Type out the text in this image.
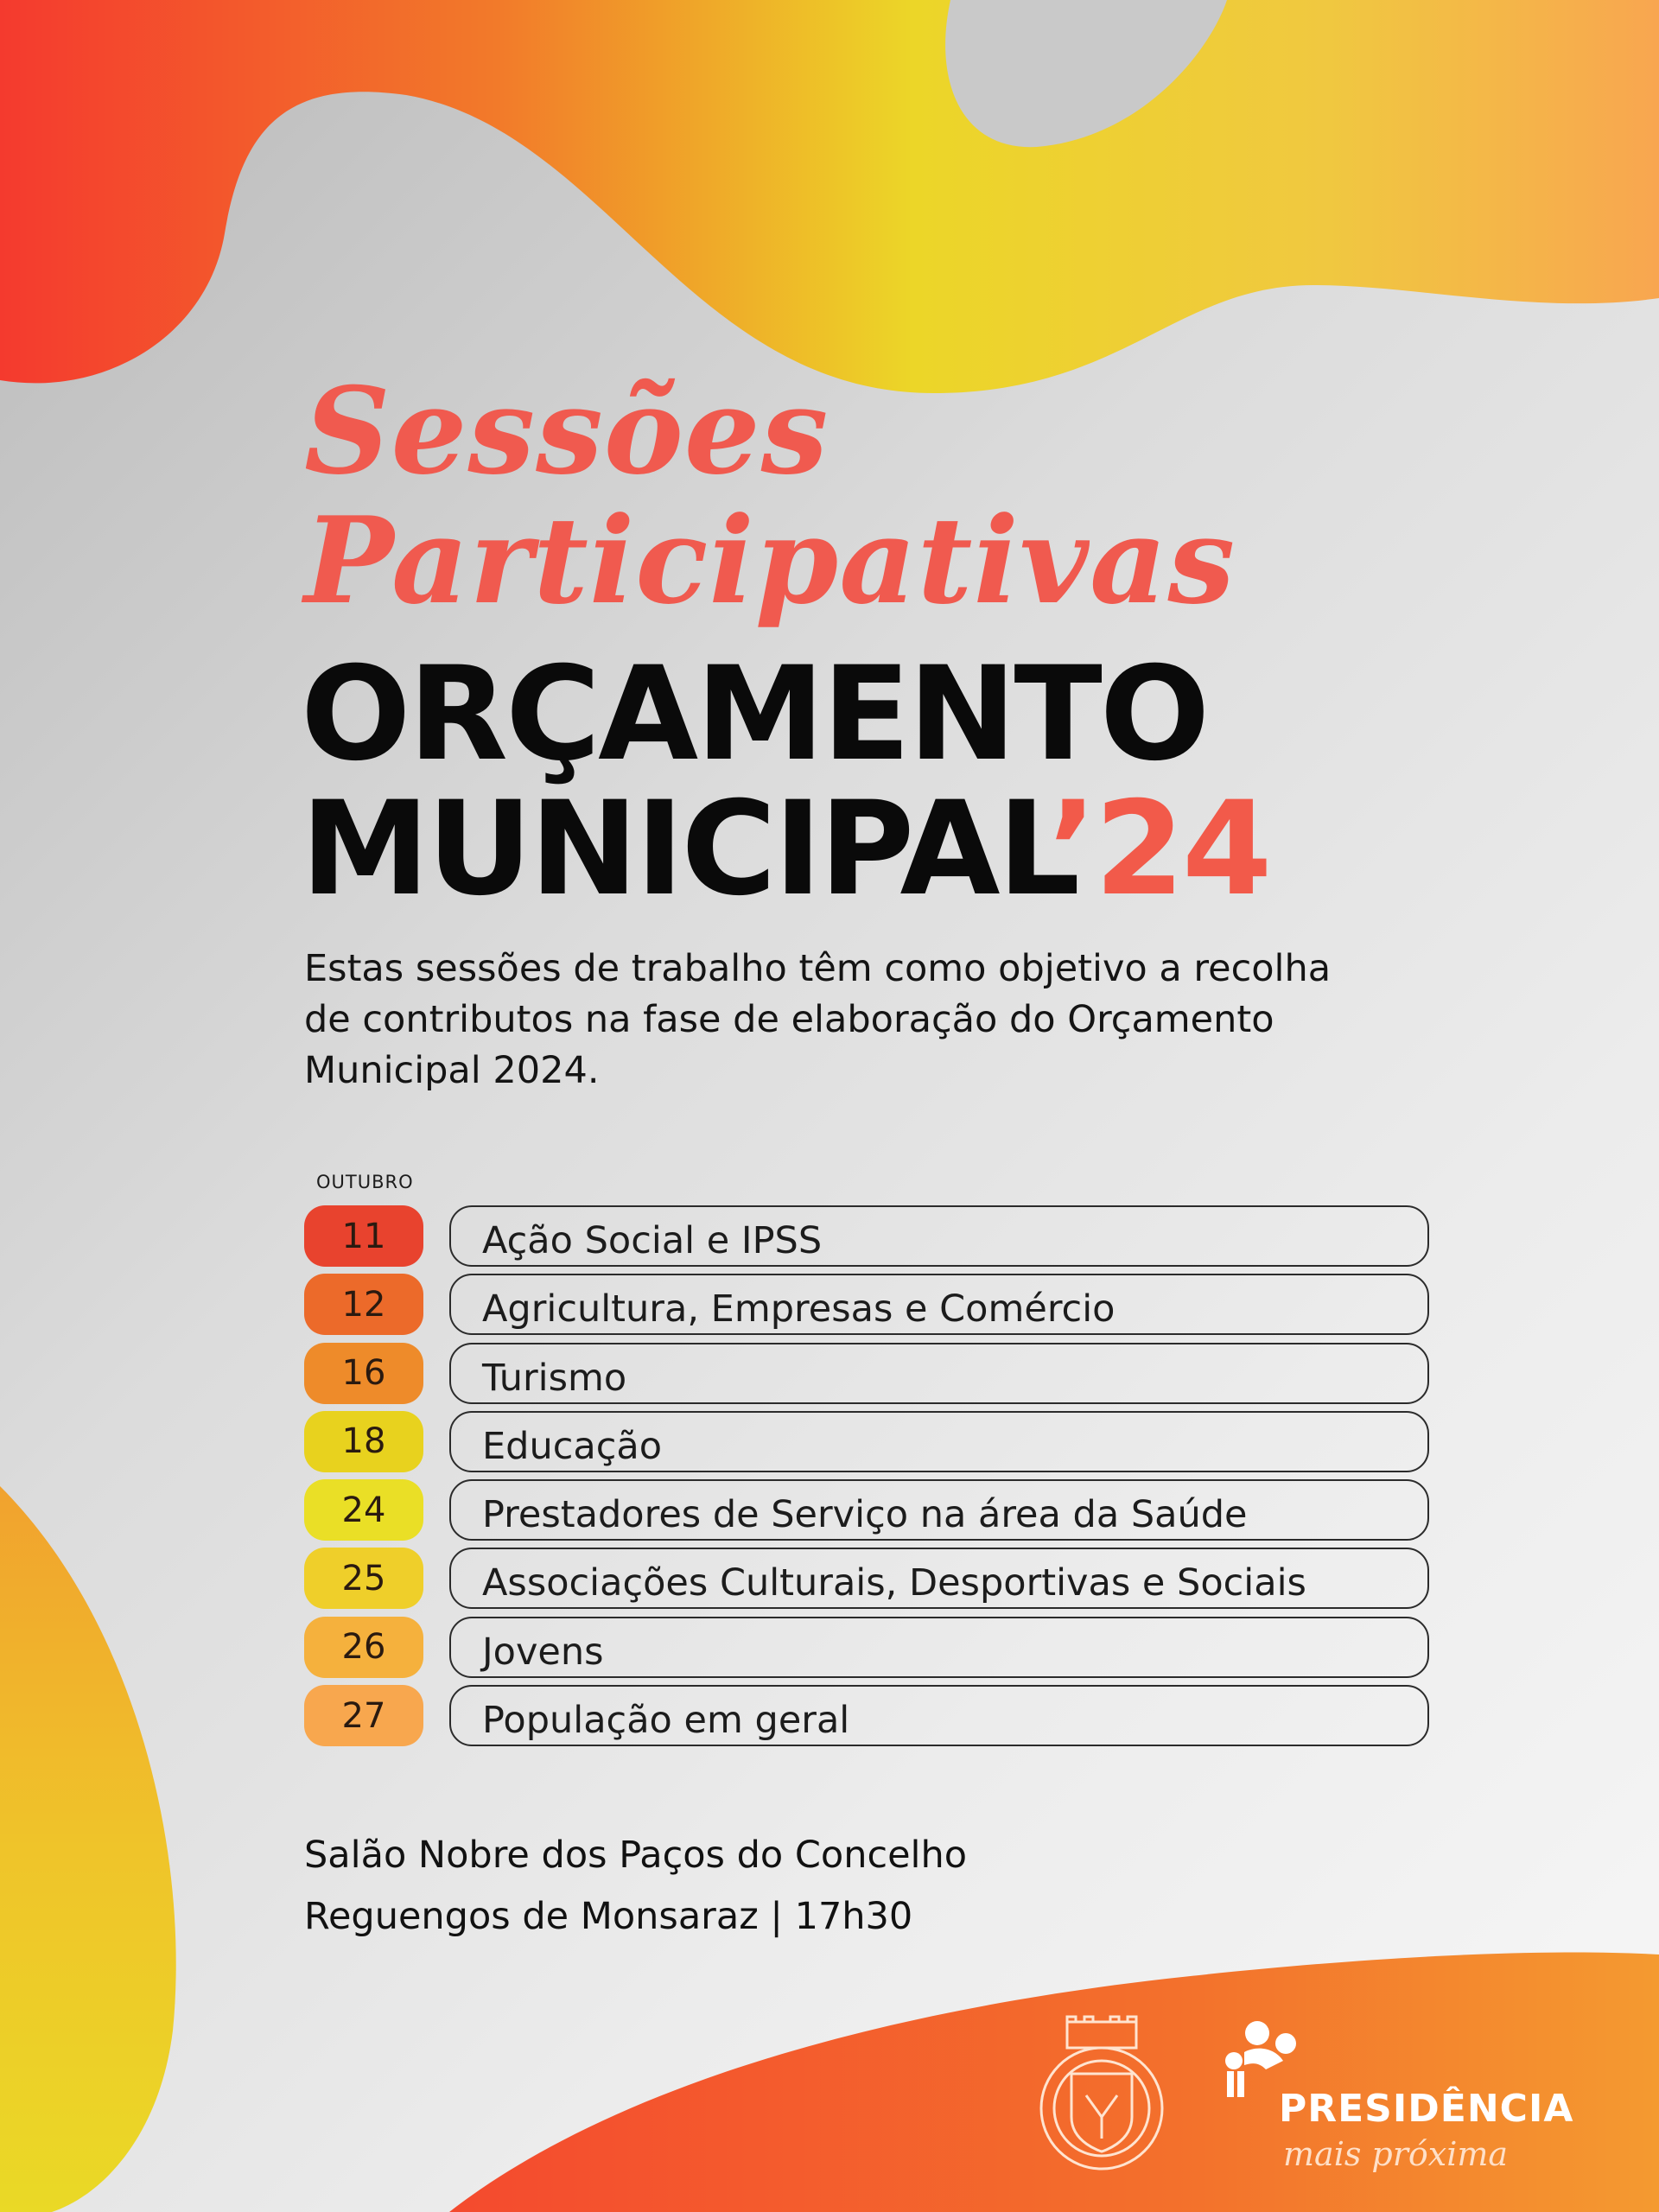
Sessões
Participativas
ORÇAMENTO
MUNICIPAL’24

Estas sessões de trabalho têm como objetivo a recolha de contributos na fase de elaboração do Orçamento Municipal 2024.

OUTUBRO
11	Ação Social e IPSS
12	Agricultura, Empresas e Comércio
16	Turismo
18	Educação
24	Prestadores de Serviço na área da Saúde
25	Associações Culturais, Desportivas e Sociais
26	Jovens
27	População em geral

Salão Nobre dos Paços do Concelho

Reguengos de Monsaraz | 17h30

PRESIDÊNCIA

mais próxima
